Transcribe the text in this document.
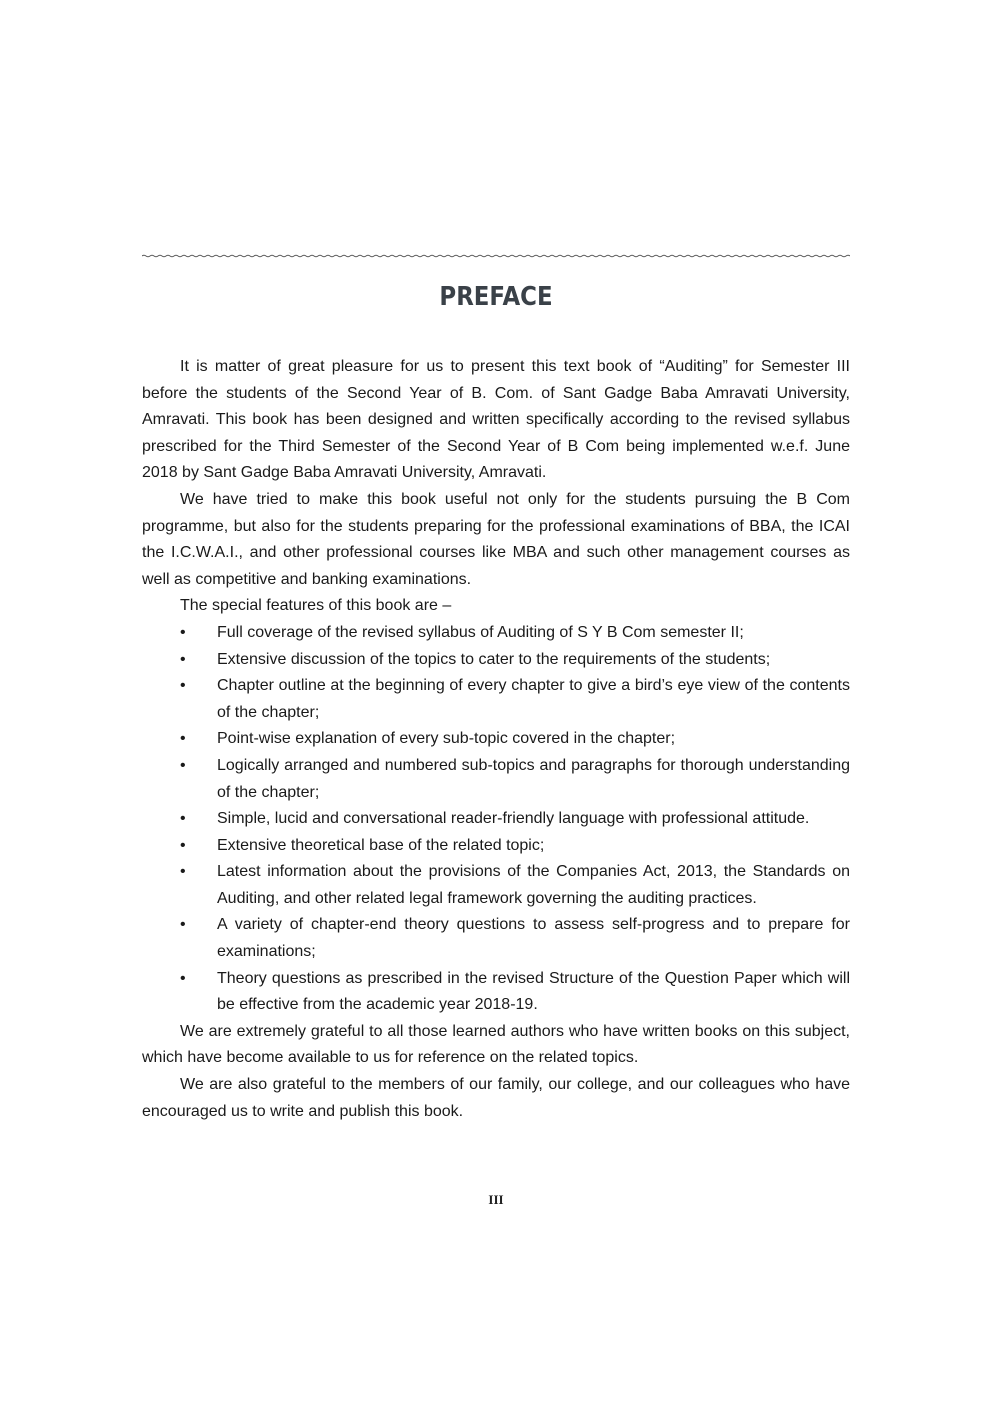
PREFACE

It is matter of great pleasure for us to present this text book of “Auditing” for Semester III before the students of the Second Year of B. Com. of Sant Gadge Baba Amravati University, Amravati. This book has been designed and written specifically according to the revised syllabus prescribed for the Third Semester of the Second Year of B Com being implemented w.e.f. June 2018 by Sant Gadge Baba Amravati University, Amravati.

We have tried to make this book useful not only for the students pursuing the B Com programme, but also for the students preparing for the professional examinations of BBA, the ICAI the I.C.W.A.I., and other professional courses like MBA and such other management courses as well as competitive and banking examinations.

The special features of this book are –

• Full coverage of the revised syllabus of Auditing of S Y B Com semester II;
• Extensive discussion of the topics to cater to the requirements of the students;
• Chapter outline at the beginning of every chapter to give a bird’s eye view of the contents of the chapter;
• Point-wise explanation of every sub-topic covered in the chapter;
• Logically arranged and numbered sub-topics and paragraphs for thorough understanding of the chapter;
• Simple, lucid and conversational reader-friendly language with professional attitude.
• Extensive theoretical base of the related topic;
• Latest information about the provisions of the Companies Act, 2013, the Standards on Auditing, and other related legal framework governing the auditing practices.
• A variety of chapter-end theory questions to assess self-progress and to prepare for examinations;
• Theory questions as prescribed in the revised Structure of the Question Paper which will be effective from the academic year 2018-19.

We are extremely grateful to all those learned authors who have written books on this subject, which have become available to us for reference on the related topics.

We are also grateful to the members of our family, our college, and our colleagues who have encouraged us to write and publish this book.

III
